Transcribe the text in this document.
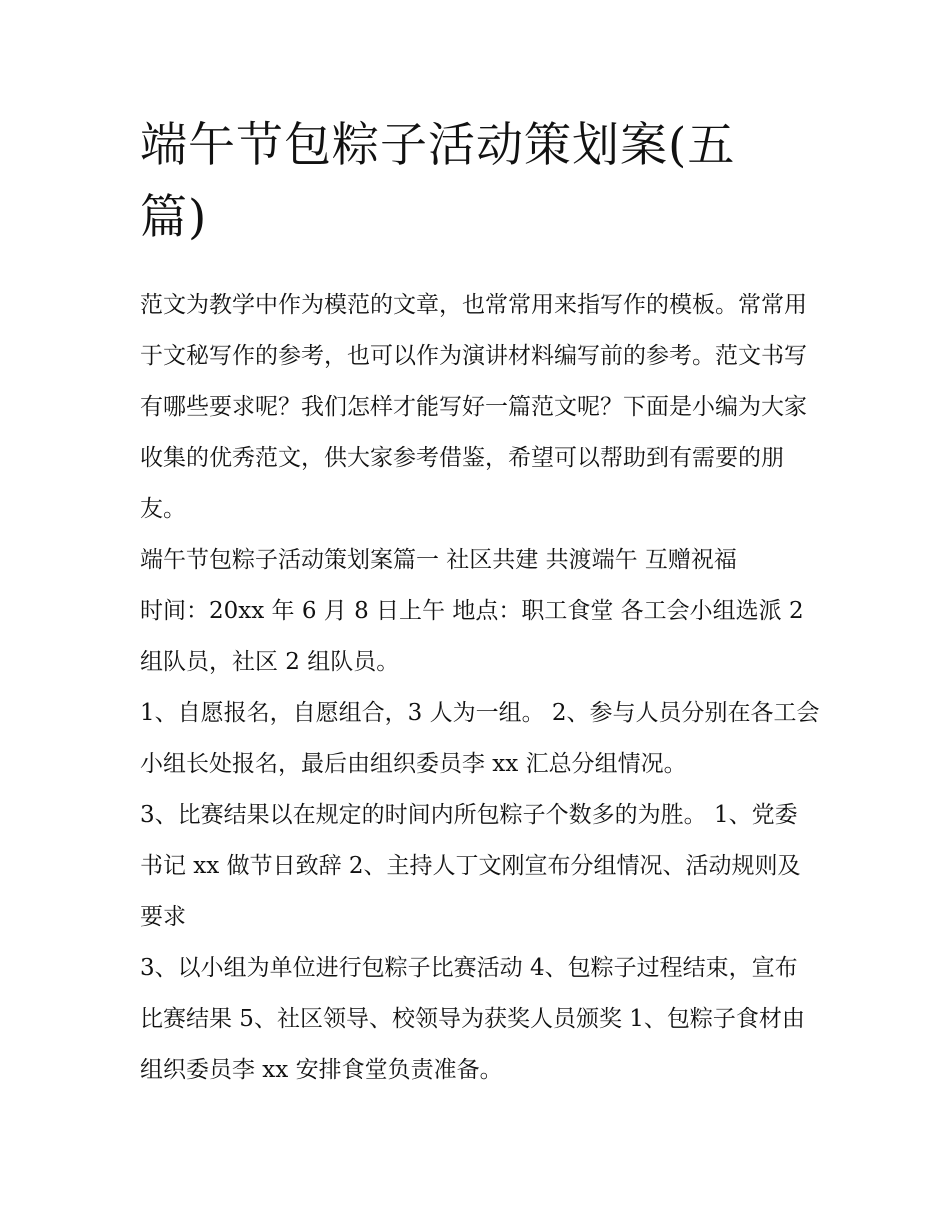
端午节包粽子活动策划案(五篇)

范文为教学中作为模范的文章，也常常用来指写作的模板。常常用于文秘写作的参考，也可以作为演讲材料编写前的参考。范文书写有哪些要求呢？我们怎样才能写好一篇范文呢？下面是小编为大家收集的优秀范文，供大家参考借鉴，希望可以帮助到有需要的朋友。

端午节包粽子活动策划案篇一 社区共建 共渡端午 互赠祝福

时间：20xx 年 6 月 8 日上午 地点：职工食堂 各工会小组选派 2 组队员，社区 2 组队员。

1、自愿报名，自愿组合，3 人为一组。 2、参与人员分别在各工会小组长处报名，最后由组织委员李 xx 汇总分组情况。

3、比赛结果以在规定的时间内所包粽子个数多的为胜。 1、党委书记 xx 做节日致辞 2、主持人丁文刚宣布分组情况、活动规则及要求

3、以小组为单位进行包粽子比赛活动 4、包粽子过程结束，宣布比赛结果 5、社区领导、校领导为获奖人员颁奖 1、包粽子食材由组织委员李 xx 安排食堂负责准备。
